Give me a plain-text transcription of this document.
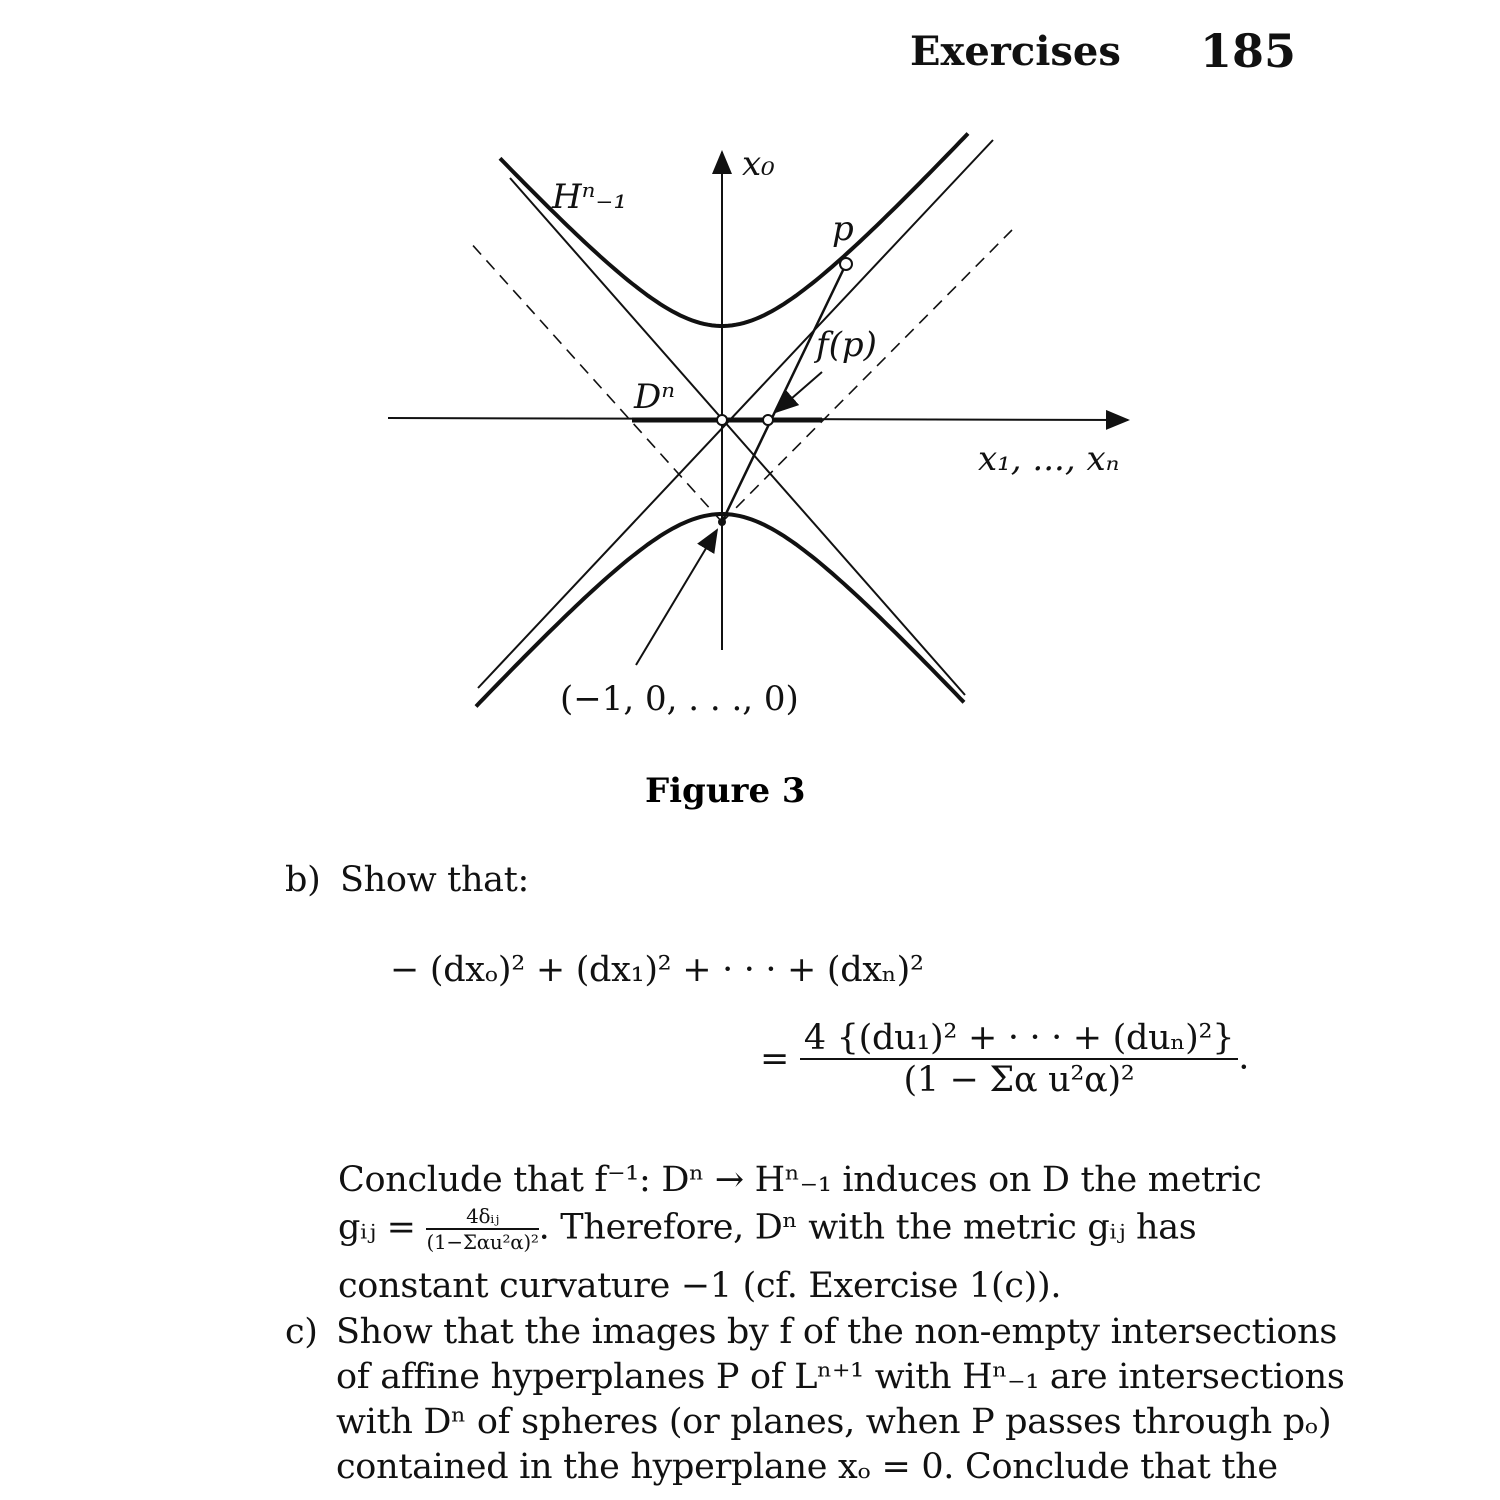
Exercises 185
x₀
x₁, ..., xₙ
Hⁿ₋₁
p
f(p)
Dⁿ
(−1, 0, . . ., 0)
Figure 3
b) Show that:
− (dxₒ)² + (dx₁)² + · · · + (dxₙ)²
= $\frac{\text{4 \{(du₁)² + · · · + (duₙ)²\}}}{\text{(1 − Σα u²α)²}}$ .
Conclude that f⁻¹: Dⁿ → Hⁿ₋₁ induces on D the metric
gᵢⱼ = $\frac{\text{4δᵢⱼ}}{\text{(1−Σαu²α)²}}$ . Therefore, Dⁿ with the metric gᵢⱼ has
constant curvature −1 (cf. Exercise 1(c)).
c) Show that the images by f of the non-empty intersections
of affine hyperplanes P of Lⁿ⁺¹ with Hⁿ₋₁ are intersections
with Dⁿ of spheres (or planes, when P passes through pₒ)
contained in the hyperplane xₒ = 0. Conclude that the
